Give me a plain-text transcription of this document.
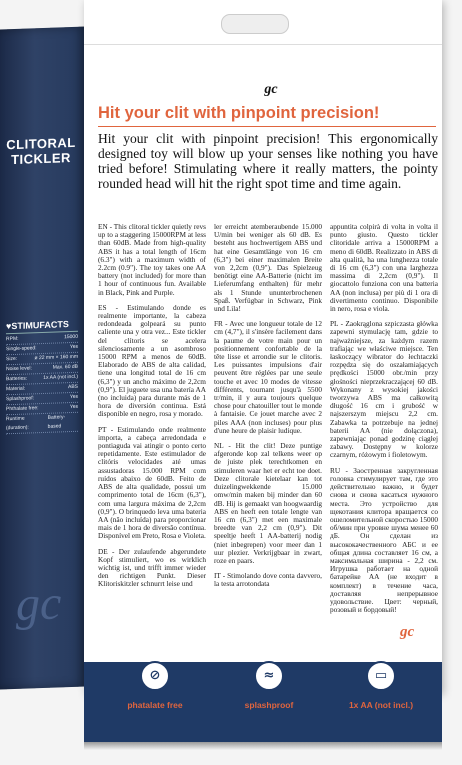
CLITORAL
TICKLER
♥STIMUFACTS
RPM:	15000
Single-speed:	Yes
Size:	ø 22 mm × 160 mm
Noise level:	Max. 60 dB
Batteries:	1x AA (not incl.)
Material:	ABS
Splashproof:	Yes
Phthalate free:	Yes
Runtime (duration):
Battery-based
gc
gc
Hit your clit with pinpoint precision!
Hit your clit with pinpoint precision! This ergonomically designed toy will blow up your senses like nothing you have tried before! Stimulating where it really matters, the pointy rounded head will hit the right spot time and time again.

EN - This clitoral tickler quietly revs up to a staggering 15000RPM at less than 60dB. Made from high-quality ABS it has a total length of 16cm (6.3") with a maximum width of 2.2cm (0.9"). The toy takes one AA battery (not included) for more than 1 hour of continuous fun. Available in Black, Pink and Purple.

ES - Estimulando donde es realmente importante, la cabeza redondeada golpeará su punto caliente una y otra vez... Este tickler del clítoris se acelera silenciosamente a un asombroso 15000 RPM a menos de 60dB. Elaborado de ABS de alta calidad, tiene una longitud total de 16 cm (6,3") y un ancho máximo de 2,2cm (0,9"). El juguete usa una batería AA (no incluida) para durante más de 1 hora de diversión continua. Está disponible en negro, rosa y morado.

PT - Estimulando onde realmente importa, a cabeça arredondada e pontiaguda vai atingir o ponto certo repetidamente. Este estimulador de clitóris velocidades até umas assustadoras 15.000 RPM com ruídos abaixo de 60dB. Feito de ABS de alta qualidade, possui um comprimento total de 16cm (6,3"), com uma largura máxima de 2,2cm (0,9"). O brinquedo leva uma bateria AA (não incluída) para proporcionar mais de 1 hora de diversão contínua. Disponível em Preto, Rosa e Violeta.

DE - Der zulaufende abgerundete Kopf stimuliert, wo es wirklich wichtig ist, und trifft immer wieder den richtigen Punkt. Dieser Klitoriskitzler schnurrt leise und

ler erreicht atemberaubende 15.000 U/min bei weniger als 60 dB. Es besteht aus hochwertigem ABS und hat eine Gesamtlänge von 16 cm (6,3") bei einer maximalen Breite von 2,2cm (0,9"). Das Spielzeug benötigt eine AA-Batterie (nicht im Lieferumfang enthalten) für mehr als 1 Stunde ununterbrochenen Spaß. Verfügbar in Schwarz, Pink und Lila!

FR - Avec une longueur totale de 12 cm (4,7"), il s'insère facilement dans la paume de votre main pour un positionnement confortable de la tête lisse et arrondie sur le clitoris. Les puissantes impulsions d'air peuvent être réglées par une seule touche et avec 10 modes de vitesse différents, tournant jusqu'à 5500 tr/min, il y aura toujours quelque chose pour chatouiller tout le monde à fantaisie. Ce jouet marche avec 2 piles AAA (non incluses) pour plus d'une heure de plaisir ludique.

NL - Hit the clit! Deze puntige afgeronde kop zal telkens weer op de juiste plek terechtkomen en stimuleren waar het er echt toe doet. Deze clitorale kietelaar kan tot duizelingwekkende 15.000 omw/min maken bij minder dan 60 dB. Hij is gemaakt van hoogwaardig ABS en heeft een totale lengte van 16 cm (6,3") met een maximale breedte van 2,2 cm (0,9"). Dit speeltje heeft 1 AA-batterij nodig (niet inbegrepen) voor meer dan 1 uur plezier. Verkrijgbaar in zwart, roze en paars.

IT - Stimolando dove conta davvero, la testa arrotondata

appuntita colpirà di volta in volta il punto giusto. Questo tickler clitoridale arriva a 15000RPM a meno di 60dB. Realizzato in ABS di alta qualità, ha una lunghezza totale di 16 cm (6,3") con una larghezza massima di 2,2cm (0,9"). Il giocattolo funziona con una batteria AA (non inclusa) per più di 1 ora di divertimento continuo. Disponibile in nero, rosa e viola.

PL - Zaokrąglona szpiczasta główka zapewni stymulację tam, gdzie to najważniejsze, za każdym razem trafiając we właściwe miejsce. Ten łaskoczący wibrator do łechtaczki rozpędza się do oszałamiających prędkości 15000 obr./min przy głośności nieprzekraczającej 60 dB. Wykonany z wysokiej jakości tworzywa ABS ma całkowitą długość 16 cm i grubość w najszerszym miejscu 2,2 cm. Zabawka ta potrzebuje na jednej baterii AA (nie dołączona), zapewniając ponad godzinę ciągłej zabawy. Dostępny w kolorze czarnym, różowym i fioletowym.

RU - Заостренная закругленная головка стимулирует там, где это действительно важно, и будет снова и снова касаться нужного места. Это устройство для щекотания клитора вращается со ошеломительной скоростью 15000 об/мин при уровне шума менее 60 дБ. Он сделан из высококачественного АБС и ее общая длина составляет 16 см, а максимальная ширина - 2,2 см. Игрушка работает на одной батарейке АА (не входит в комплект) в течение часа, доставляя непрерывное удовольствие. Цвет: черный, розовый и бордовый!

gc
⊘
phatalate free
≈
splashproof
▭
1x AA (not incl.)
